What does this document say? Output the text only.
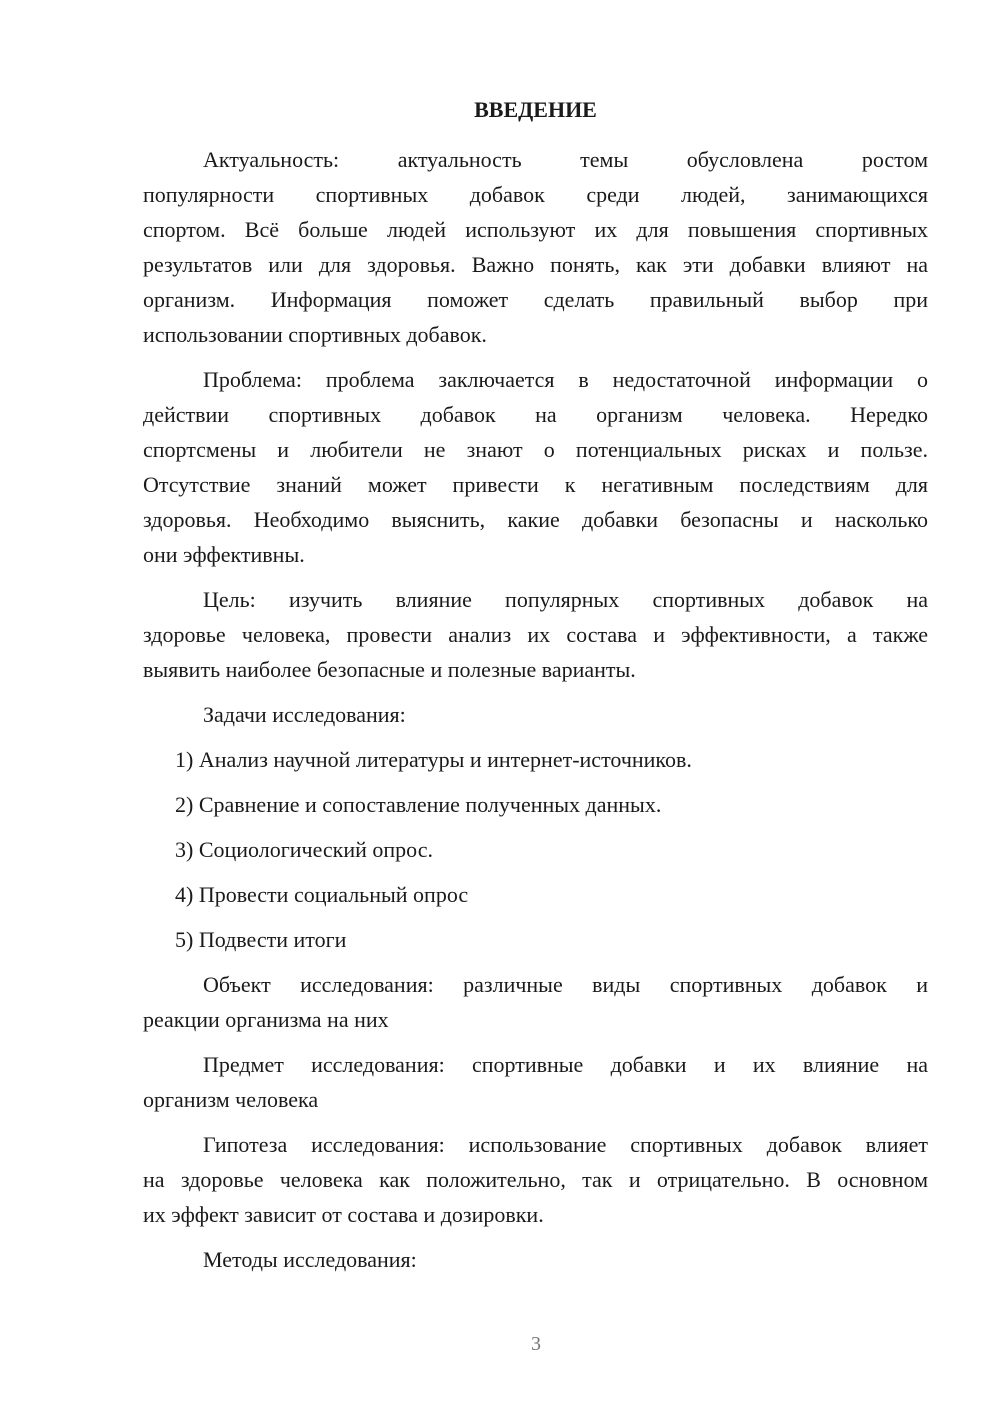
ВВЕДЕНИЕ
Актуальность: актуальность темы обусловлена ростом
популярности спортивных добавок среди людей, занимающихся
спортом. Всё больше людей используют их для повышения спортивных
результатов или для здоровья. Важно понять, как эти добавки влияют на
организм. Информация поможет сделать правильный выбор при
использовании спортивных добавок.
Проблема: проблема заключается в недостаточной информации о
действии спортивных добавок на организм человека. Нередко
спортсмены и любители не знают о потенциальных рисках и пользе.
Отсутствие знаний может привести к негативным последствиям для
здоровья. Необходимо выяснить, какие добавки безопасны и насколько
они эффективны.
Цель: изучить влияние популярных спортивных добавок на
здоровье человека, провести анализ их состава и эффективности, а также
выявить наиболее безопасные и полезные варианты.
Задачи исследования:
1) Анализ научной литературы и интернет-источников.
2) Сравнение и сопоставление полученных данных.
3) Социологический опрос.
4) Провести социальный опрос
5) Подвести итоги
Объект исследования: различные виды спортивных добавок и
реакции организма на них
Предмет исследования: спортивные добавки и их влияние на
организм человека
Гипотеза исследования: использование спортивных добавок влияет
на здоровье человека как положительно, так и отрицательно. В основном
их эффект зависит от состава и дозировки.
Методы исследования:
3
